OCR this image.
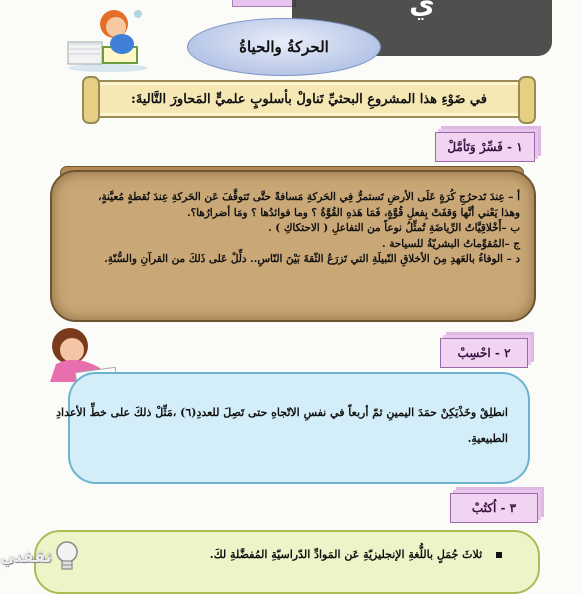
ي
الحركةُ والحياةُ
في ضَوْءِ هذا المشروعِ البحثيِّ تَناولْ بأسلوبٍ علميٍّ المَحاورَ التَّاليةَ:
١ - فَسِّرْ وَتَأمَّلْ

أ – عِندَ تَدحرُجِ كُرَةٍ عَلَى الأرضِ تَستمرُّ فِي الحَركةِ مَسافةً حتَّى تَتوقَّفَ عَن الحَركةِ عِندَ نُقطةٍ مُعيَّنةٍ،

وهذا يَعْني أنَّها وَقفَتْ بِفعلِ قُوَّةٍ، فَمَا هَذهِ القُوَّةُ ؟ وما فوائدُها ؟ ومَا أضرارُها؟.

ب –أَخْلاقِيَّاتُ الرِّياضَةِ تُمثِّلُ نوعاً من التفاعلِ ( الاحتكاكِ ) .

ج –المُقوِّماتُ البشريّةُ للسياحة .

د – الوفاءُ بالعَهدِ مِنَ الأخلاقِ النّبيلَةِ التي تَزرَعُ الثّقةَ بَيْنَ النّاسِ.. دلِّلْ عَلى ذَلكَ من القرآنِ والسُّنّةِ.

٢ - احْسِبْ
انطلِقْ وخَذْيَكِنْ حمَدَ اليمينِ ثمّ أربعاً في نفسِ الاتّجاهِ حتى تَصِلَ للعددِ(٦) ،مَثِّلْ ذلكَ على خطِّ الأعدادِ
الطبيعيةِ.
٣ - اُكتُبْ
ثلاثَ جُمَلٍ باللُّغةِ الإنجليزيّةِ عَن المَوادِّ الدّراسيّةِ المُفضَّلةِ لكَ.
ثقفني
